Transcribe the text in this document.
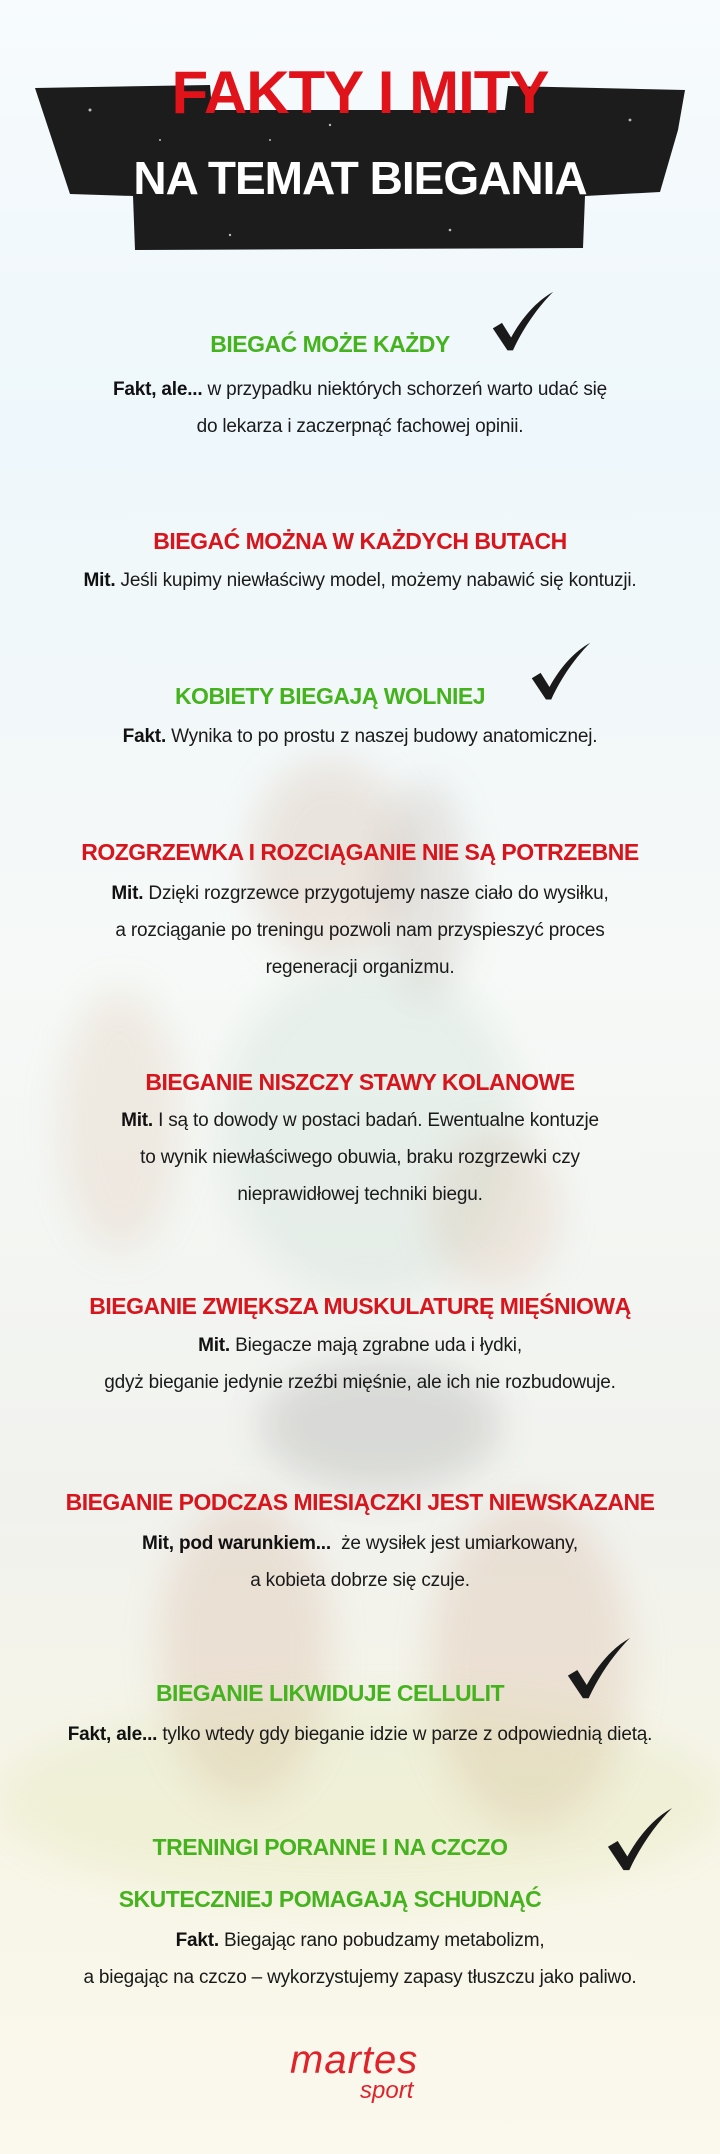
FAKTY I MITY
NA TEMAT BIEGANIA
BIEGAĆ MOŻE KAŻDY
Fakt, ale... w przypadku niektórych schorzeń warto udać się
do lekarza i zaczerpnąć fachowej opinii.
BIEGAĆ MOŻNA W KAŻDYCH BUTACH
Mit. Jeśli kupimy niewłaściwy model, możemy nabawić się kontuzji.
KOBIETY BIEGAJĄ WOLNIEJ
Fakt. Wynika to po prostu z naszej budowy anatomicznej.
ROZGRZEWKA I ROZCIĄGANIE NIE SĄ POTRZEBNE
Mit. Dzięki rozgrzewce przygotujemy nasze ciało do wysiłku,
a rozciąganie po treningu pozwoli nam przyspieszyć proces
regeneracji organizmu.
BIEGANIE NISZCZY STAWY KOLANOWE
Mit. I są to dowody w postaci badań. Ewentualne kontuzje
to wynik niewłaściwego obuwia, braku rozgrzewki czy
nieprawidłowej techniki biegu.
BIEGANIE ZWIĘKSZA MUSKULATURĘ MIĘŚNIOWĄ
Mit. Biegacze mają zgrabne uda i łydki,
gdyż bieganie jedynie rzeźbi mięśnie, ale ich nie rozbudowuje.
BIEGANIE PODCZAS MIESIĄCZKI JEST NIEWSKAZANE
Mit, pod warunkiem...  że wysiłek jest umiarkowany,
a kobieta dobrze się czuje.
BIEGANIE LIKWIDUJE CELLULIT
Fakt, ale... tylko wtedy gdy bieganie idzie w parze z odpowiednią dietą.
TRENINGI PORANNE I NA CZCZO
SKUTECZNIEJ POMAGAJĄ SCHUDNĄĆ
Fakt. Biegając rano pobudzamy metabolizm,
a biegając na czczo – wykorzystujemy zapasy tłuszczu jako paliwo.
martes
sport
